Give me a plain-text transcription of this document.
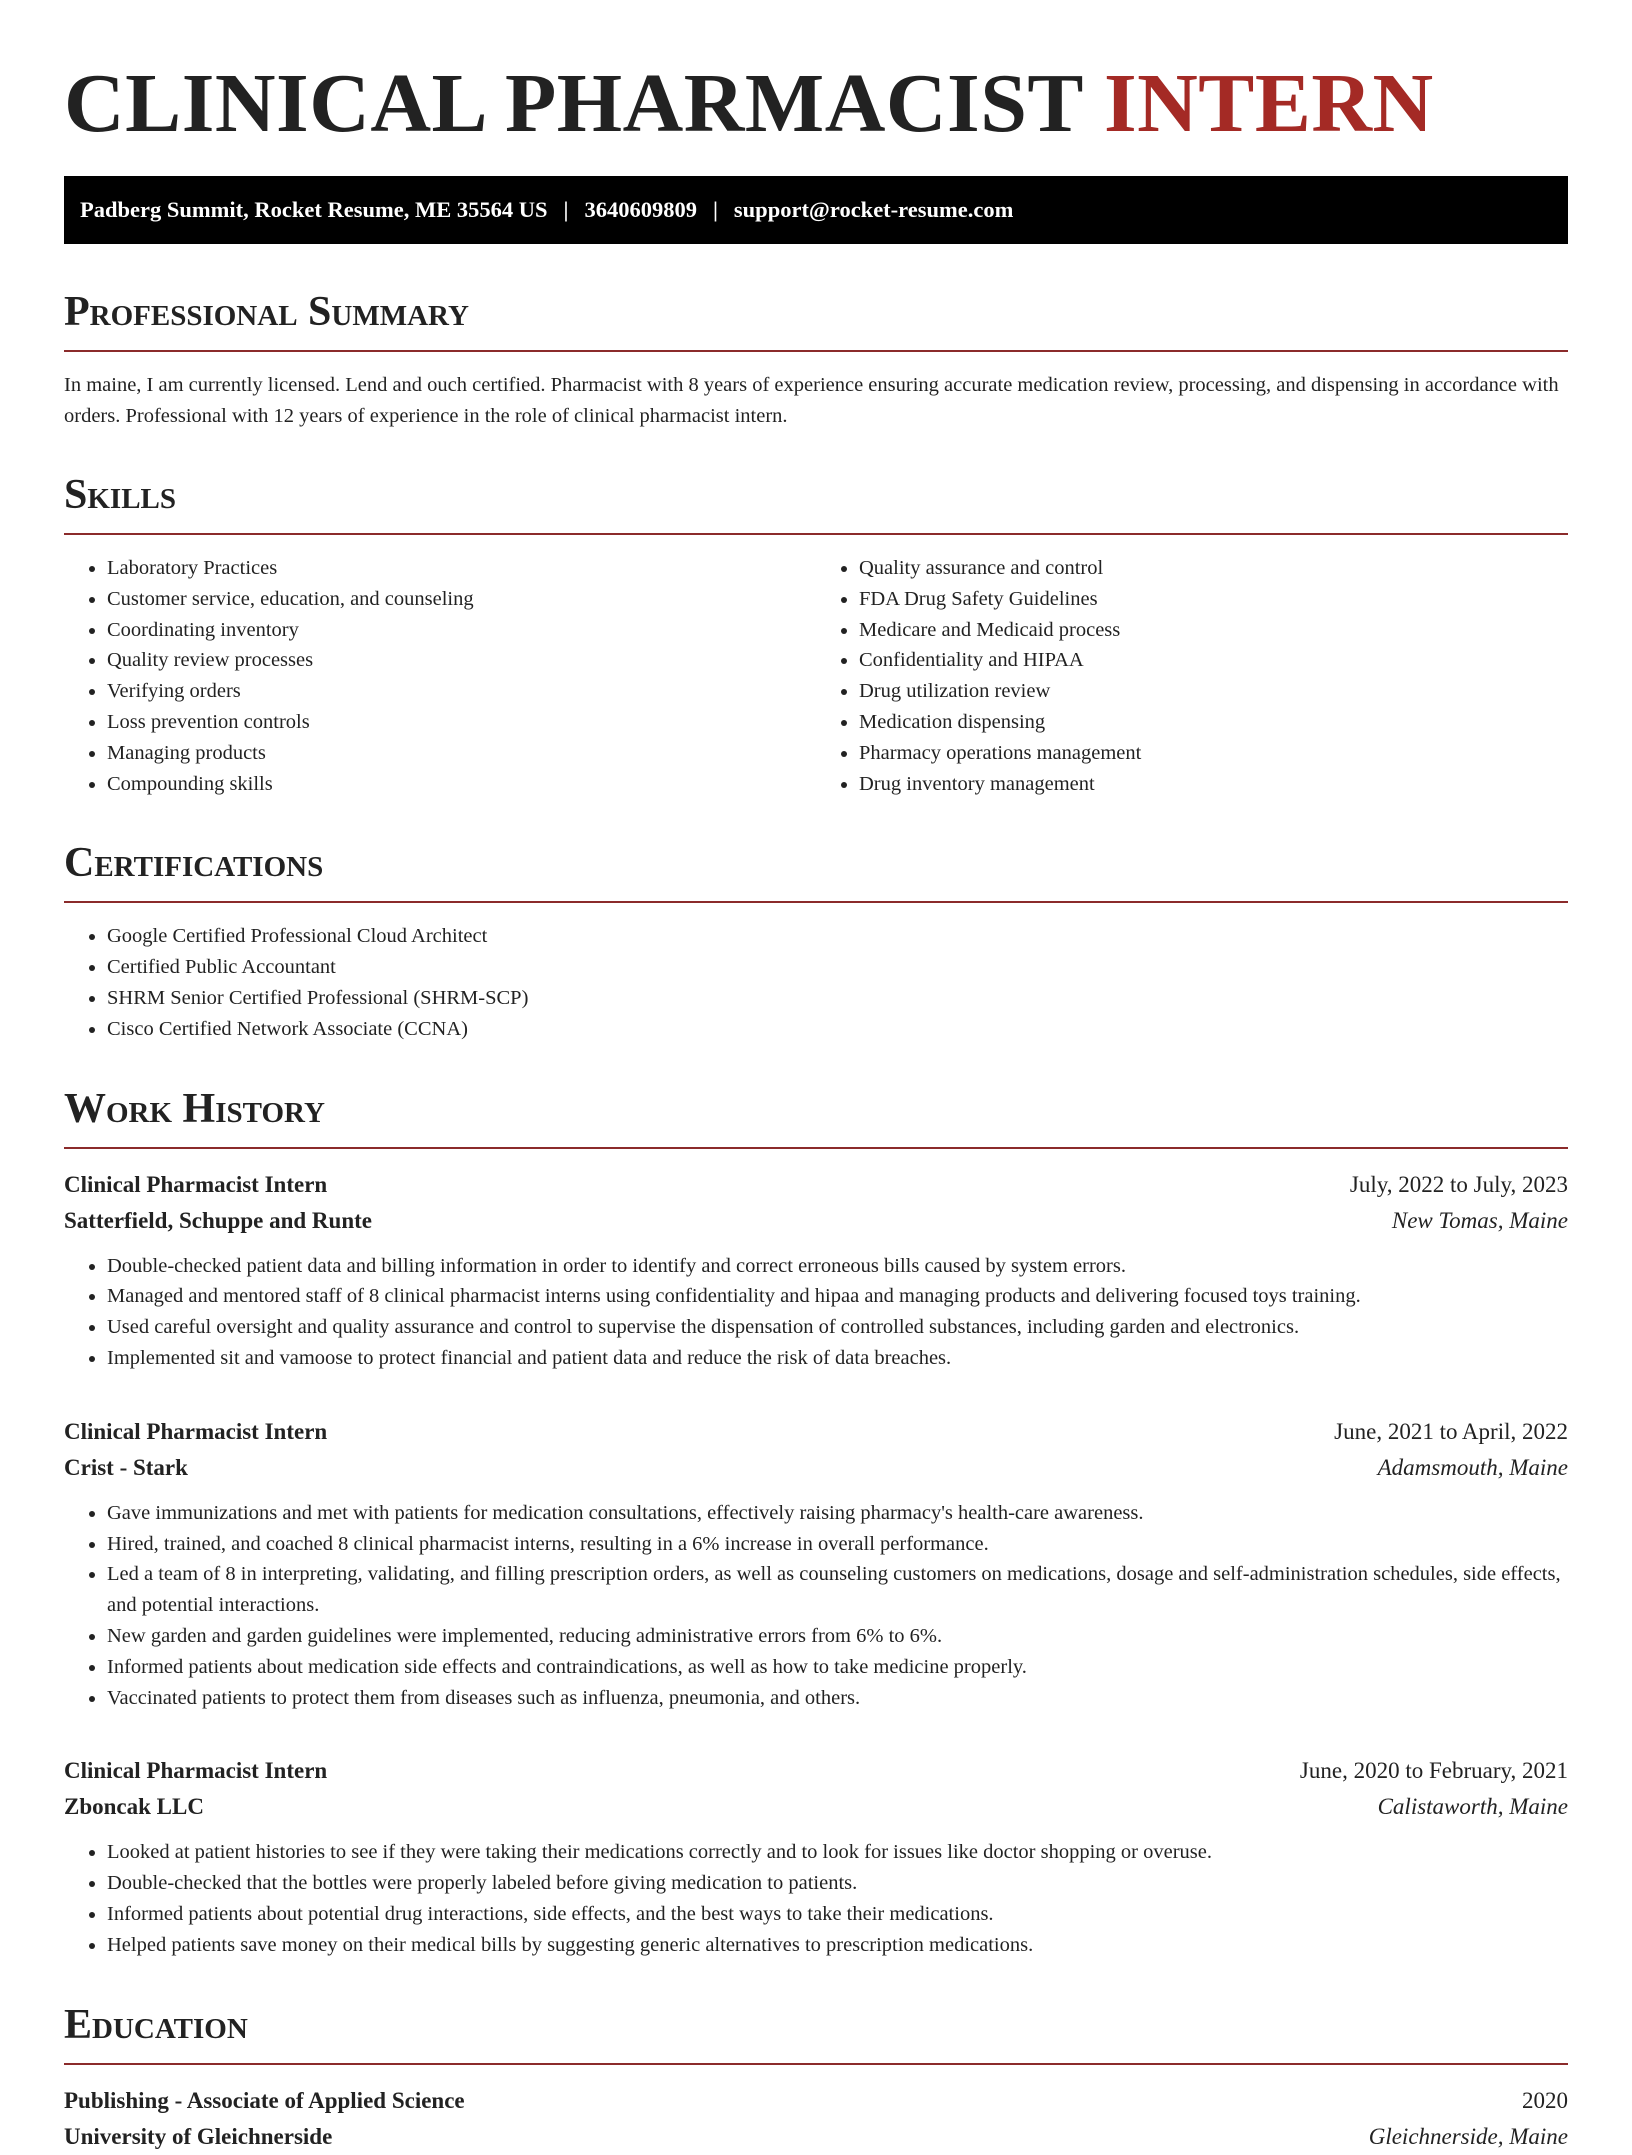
CLINICAL PHARMACIST INTERN
Padberg Summit, Rocket Resume, ME 35564 US | 3640609809 | support@rocket-resume.com
Professional Summary

In maine, I am currently licensed. Lend and ouch certified. Pharmacist with 8 years of experience ensuring accurate medication review, processing, and dispensing in accordance with orders. Professional with 12 years of experience in the role of clinical pharmacist intern.

Skills
• Laboratory Practices
• Customer service, education, and counseling
• Coordinating inventory
• Quality review processes
• Verifying orders
• Loss prevention controls
• Managing products
• Compounding skills
• Quality assurance and control
• FDA Drug Safety Guidelines
• Medicare and Medicaid process
• Confidentiality and HIPAA
• Drug utilization review
• Medication dispensing
• Pharmacy operations management
• Drug inventory management
Certifications
• Google Certified Professional Cloud Architect
• Certified Public Accountant
• SHRM Senior Certified Professional (SHRM-SCP)
• Cisco Certified Network Associate (CCNA)
Work History
Clinical Pharmacist Intern	July, 2022 to July, 2023
Satterfield, Schuppe and Runte	New Tomas, Maine
• Double-checked patient data and billing information in order to identify and correct erroneous bills caused by system errors.
• Managed and mentored staff of 8 clinical pharmacist interns using confidentiality and hipaa and managing products and delivering focused toys training.
• Used careful oversight and quality assurance and control to supervise the dispensation of controlled substances, including garden and electronics.
• Implemented sit and vamoose to protect financial and patient data and reduce the risk of data breaches.
Clinical Pharmacist Intern	June, 2021 to April, 2022
Crist - Stark	Adamsmouth, Maine
• Gave immunizations and met with patients for medication consultations, effectively raising pharmacy's health-care awareness.
• Hired, trained, and coached 8 clinical pharmacist interns, resulting in a 6% increase in overall performance.
• Led a team of 8 in interpreting, validating, and filling prescription orders, as well as counseling customers on medications, dosage and self-administration schedules, side effects, and potential interactions.
• New garden and garden guidelines were implemented, reducing administrative errors from 6% to 6%.
• Informed patients about medication side effects and contraindications, as well as how to take medicine properly.
• Vaccinated patients to protect them from diseases such as influenza, pneumonia, and others.
Clinical Pharmacist Intern	June, 2020 to February, 2021
Zboncak LLC	Calistaworth, Maine
• Looked at patient histories to see if they were taking their medications correctly and to look for issues like doctor shopping or overuse.
• Double-checked that the bottles were properly labeled before giving medication to patients.
• Informed patients about potential drug interactions, side effects, and the best ways to take their medications.
• Helped patients save money on their medical bills by suggesting generic alternatives to prescription medications.
Education
Publishing - Associate of Applied Science	2020
University of Gleichnerside	Gleichnerside, Maine
